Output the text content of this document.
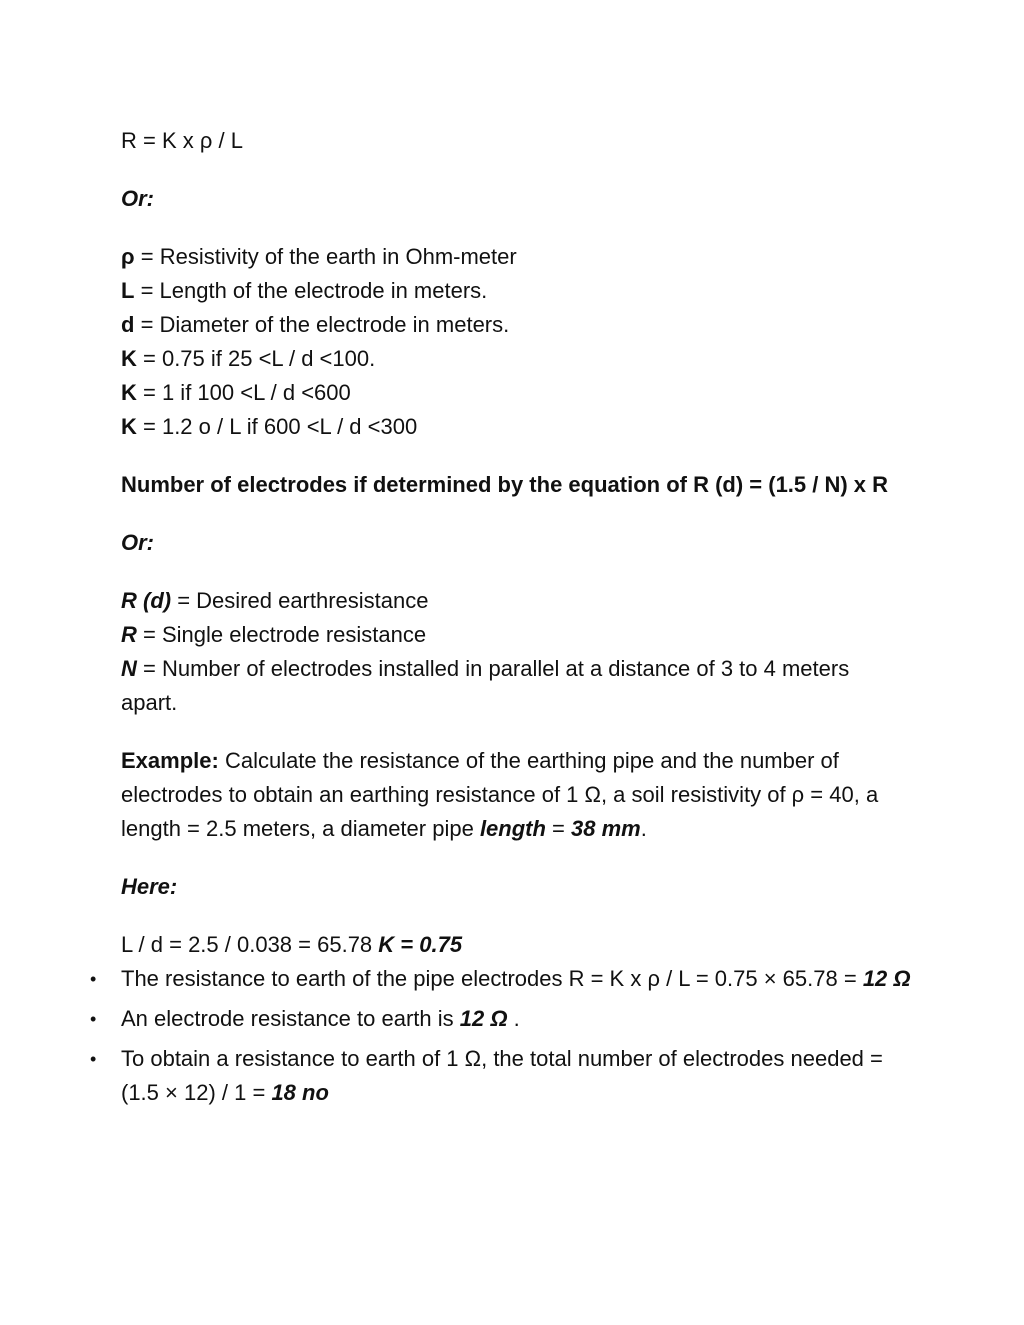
R = K x ρ / L

Or:

ρ = Resistivity of the earth in Ohm-meter
L = Length of the electrode in meters.
d = Diameter of the electrode in meters.
K = 0.75 if 25 <L / d <100.
K = 1 if 100 <L / d <600
K = 1.2 o / L if 600 <L / d <300

Number of electrodes if determined by the equation of R (d) = (1.5 / N) x R

Or:

R (d) = Desired earthresistance
R = Single electrode resistance
N = Number of electrodes installed in parallel at a distance of 3 to 4 meters apart.

Example: Calculate the resistance of the earthing pipe and the number of electrodes to obtain an earthing resistance of 1 Ω, a soil resistivity of ρ = 40, a length = 2.5 meters, a diameter pipe length = 38 mm.

Here:

L / d = 2.5 / 0.038 = 65.78 K = 0.75

• The resistance to earth of the pipe electrodes R = K x ρ / L = 0.75 × 65.78 = 12 Ω
• An electrode resistance to earth is 12 Ω .
• To obtain a resistance to earth of 1 Ω, the total number of electrodes needed = (1.5 × 12) / 1 = 18 no
